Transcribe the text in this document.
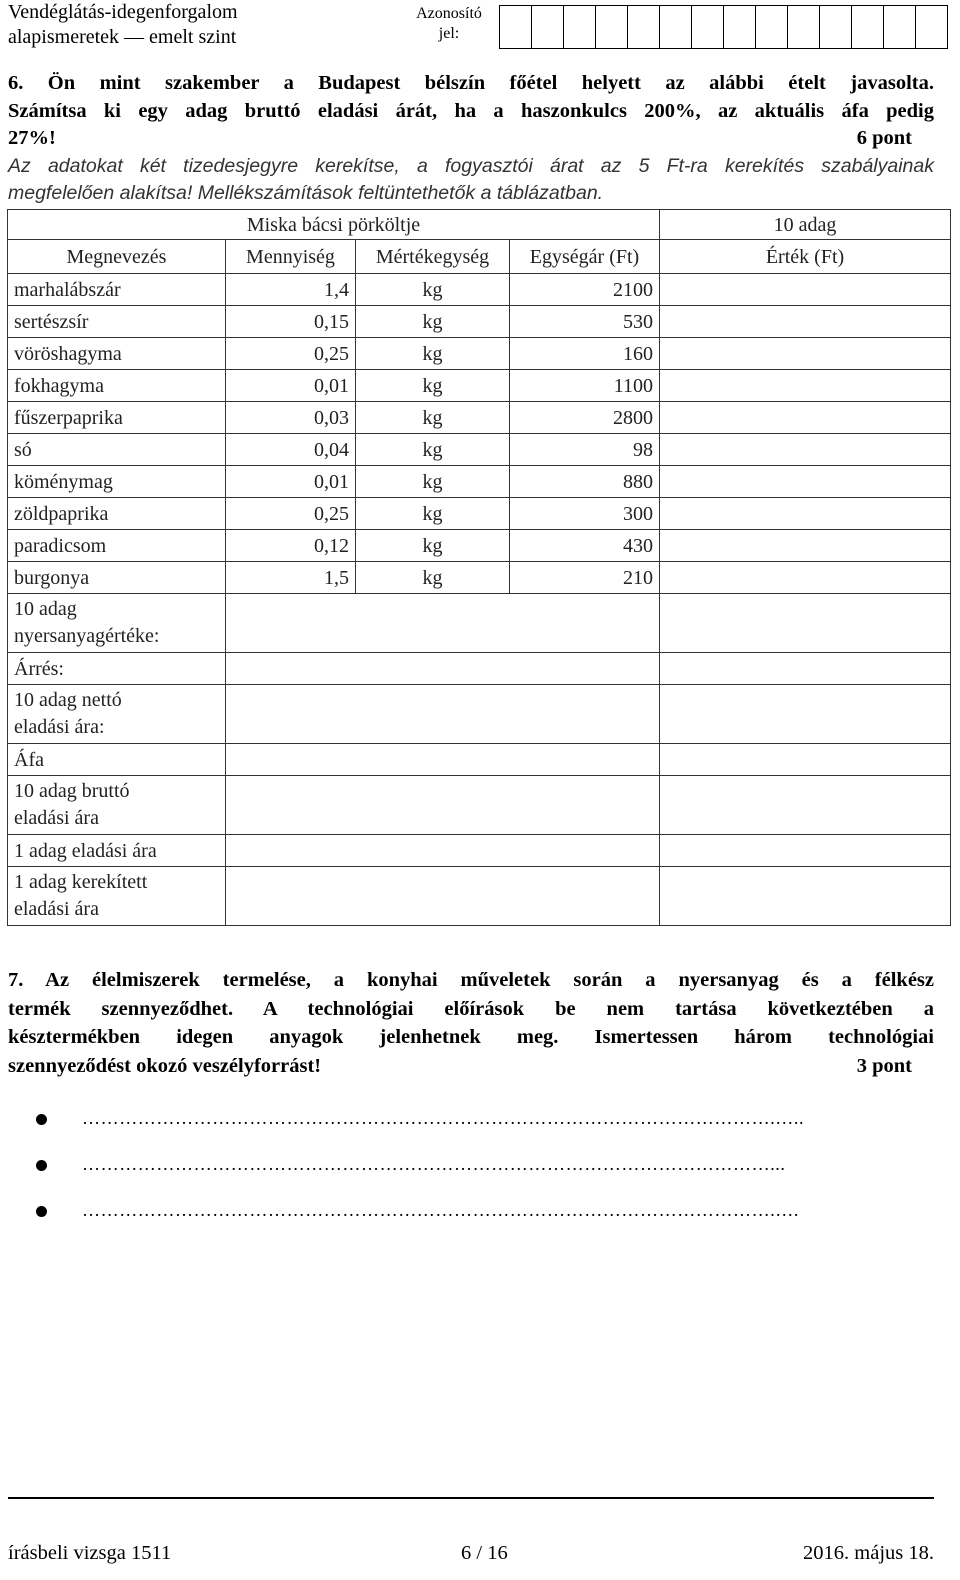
Vendéglátás-idegenforgalom
alapismeretek — emelt szint
Azonosító
jel:
6. Ön mint szakember a Budapest bélszín főétel helyett az alábbi ételt javasolta.
Számítsa ki egy adag bruttó eladási árát, ha a haszonkulcs 200%, az aktuális áfa pedig
27%!	6 pont
Az adatokat két tizedesjegyre kerekítse, a fogyasztói árat az 5 Ft-ra kerekítés szabályainak
megfelelően alakítsa! Mellékszámítások feltüntethetők a táblázatban.
Miska bácsi pörköltje				10 adag
Megnevezés	Mennyiség	Mértékegység	Egységár (Ft)	Érték (Ft)
marhalábszár	1,4	kg	2100	
sertészsír	0,15	kg	530	
vöröshagyma	0,25	kg	160	
fokhagyma	0,01	kg	1100	
fűszerpaprika	0,03	kg	2800	
só	0,04	kg	98	
köménymag	0,01	kg	880	
zöldpaprika	0,25	kg	300	
paradicsom	0,12	kg	430	
burgonya	1,5	kg	210	

10 adag
nyersanyagértéke:				

Árrés:				

10 adag nettó
eladási ára:				

Áfa				

10 adag bruttó
eladási ára				

1 adag eladási ára				

1 adag kerekített
eladási ára				

7. Az élelmiszerek termelése, a konyhai műveletek során a nyersanyag és a félkész
termék szennyeződhet. A technológiai előírások be nem tartása következtében a
késztermékben idegen anyagok jelenhetnek meg. Ismertessen három technológiai
szennyeződést okozó veszélyforrást!	3 pont
………………………………………………………………………………………………….…..
…………………………………………………………………………………………………...
………………………………………………………………………………………………….….
írásbeli vizsga 1511	6 / 16	2016. május 18.
